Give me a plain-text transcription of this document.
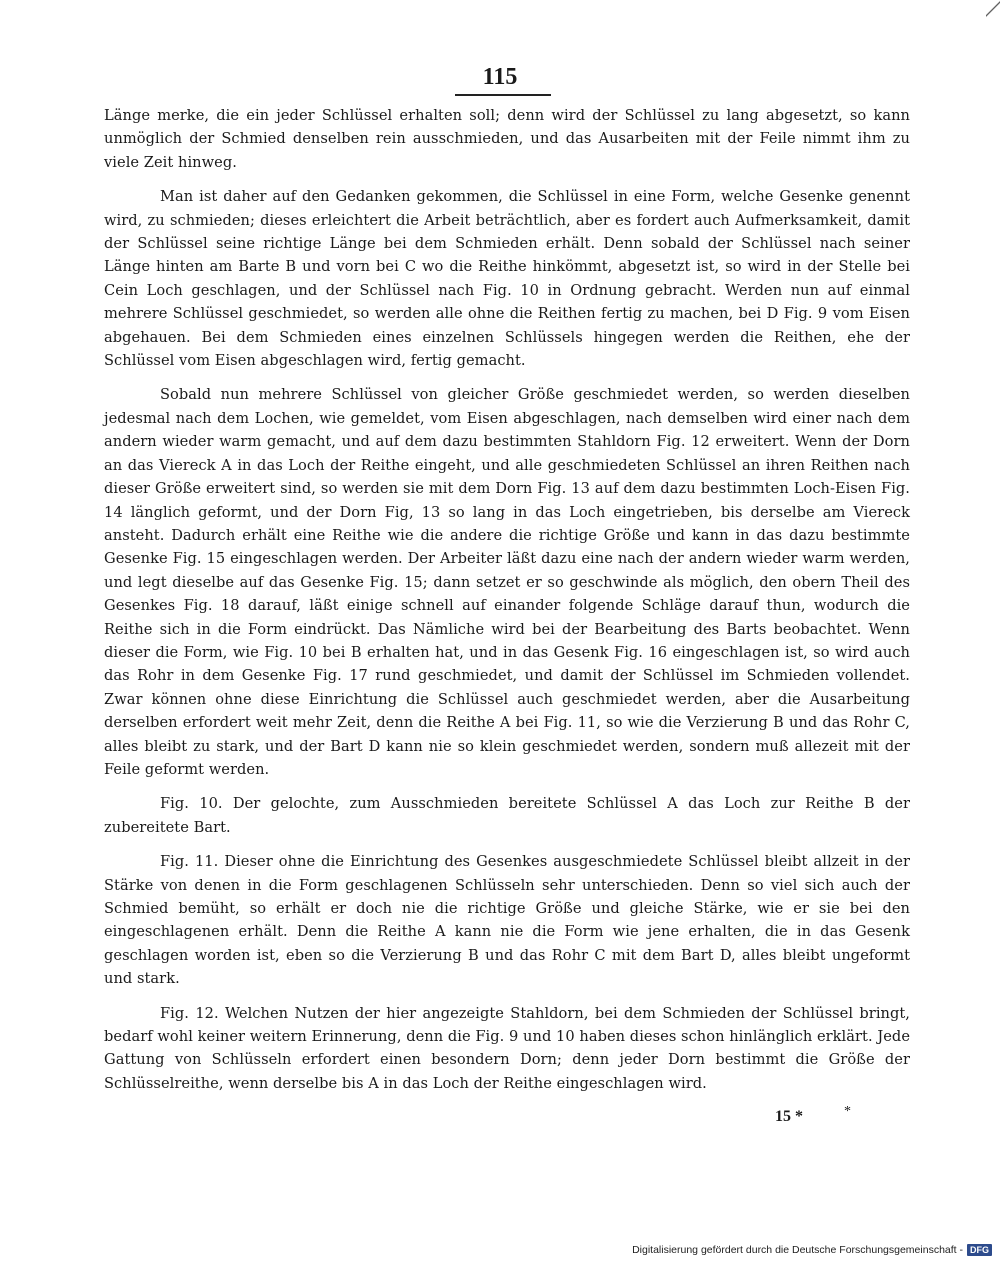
115

Länge merke, die ein jeder Schlüssel erhalten soll; denn wird der Schlüssel zu lang abgesetzt, so kann unmöglich der Schmied denselben rein ausschmieden, und das Ausarbeiten mit der Feile nimmt ihm zu viele Zeit hinweg.

Man ist daher auf den Gedanken gekommen, die Schlüssel in eine Form, welche Gesenke genennt wird, zu schmieden; dieses erleichtert die Arbeit beträchtlich, aber es fordert auch Aufmerksamkeit, damit der Schlüssel seine richtige Länge bei dem Schmieden erhält. Denn sobald der Schlüssel nach seiner Länge hinten am Barte B und vorn bei C wo die Reithe hinkömmt, abgesetzt ist, so wird in der Stelle bei Cein Loch geschlagen, und der Schlüssel nach Fig. 10 in Ordnung gebracht. Werden nun auf einmal mehrere Schlüssel geschmiedet, so werden alle ohne die Reithen fertig zu machen, bei D Fig. 9 vom Eisen abgehauen. Bei dem Schmieden eines einzelnen Schlüssels hingegen werden die Reithen, ehe der Schlüssel vom Eisen abgeschlagen wird, fertig gemacht.

Sobald nun mehrere Schlüssel von gleicher Größe geschmiedet werden, so werden dieselben jedesmal nach dem Lochen, wie gemeldet, vom Eisen abgeschlagen, nach demselben wird einer nach dem andern wieder warm gemacht, und auf dem dazu bestimmten Stahldorn Fig. 12 erweitert. Wenn der Dorn an das Viereck A in das Loch der Reithe eingeht, und alle geschmiedeten Schlüssel an ihren Reithen nach dieser Größe erweitert sind, so werden sie mit dem Dorn Fig. 13 auf dem dazu bestimmten Loch-Eisen Fig. 14 länglich geformt, und der Dorn Fig, 13 so lang in das Loch eingetrieben, bis derselbe am Viereck ansteht. Dadurch erhält eine Reithe wie die andere die richtige Größe und kann in das dazu bestimmte Gesenke Fig. 15 eingeschlagen werden. Der Arbeiter läßt dazu eine nach der andern wieder warm werden, und legt dieselbe auf das Gesenke Fig. 15; dann setzet er so geschwinde als möglich, den obern Theil des Gesenkes Fig. 18 darauf, läßt einige schnell auf einander folgende Schläge darauf thun, wodurch die Reithe sich in die Form eindrückt. Das Nämliche wird bei der Bearbeitung des Barts beobachtet. Wenn dieser die Form, wie Fig. 10 bei B erhalten hat, und in das Gesenk Fig. 16 eingeschlagen ist, so wird auch das Rohr in dem Gesenke Fig. 17 rund geschmiedet, und damit der Schlüssel im Schmieden vollendet. Zwar können ohne diese Einrichtung die Schlüssel auch geschmiedet werden, aber die Ausarbeitung derselben erfordert weit mehr Zeit, denn die Reithe A bei Fig. 11, so wie die Verzierung B und das Rohr C, alles bleibt zu stark, und der Bart D kann nie so klein geschmiedet werden, sondern muß allezeit mit der Feile geformt werden.

Fig. 10. Der gelochte, zum Ausschmieden bereitete Schlüssel A das Loch zur Reithe B der zubereitete Bart.

Fig. 11. Dieser ohne die Einrichtung des Gesenkes ausgeschmiedete Schlüssel bleibt allzeit in der Stärke von denen in die Form geschlagenen Schlüsseln sehr unterschieden. Denn so viel sich auch der Schmied bemüht, so erhält er doch nie die richtige Größe und gleiche Stärke, wie er sie bei den eingeschlagenen erhält. Denn die Reithe A kann nie die Form wie jene erhalten, die in das Gesenk geschlagen worden ist, eben so die Verzierung B und das Rohr C mit dem Bart D, alles bleibt ungeformt und stark.

Fig. 12. Welchen Nutzen der hier angezeigte Stahldorn, bei dem Schmieden der Schlüssel bringt, bedarf wohl keiner weitern Erinnerung, denn die Fig. 9 und 10 haben dieses schon hinlänglich erklärt. Jede Gattung von Schlüsseln erfordert einen besondern Dorn; denn jeder Dorn bestimmt die Größe der Schlüsselreithe, wenn derselbe bis A in das Loch der Reithe eingeschlagen wird.

15 *	*
Digitalisierung gefördert durch die Deutsche Forschungsgemeinschaft - DFG
